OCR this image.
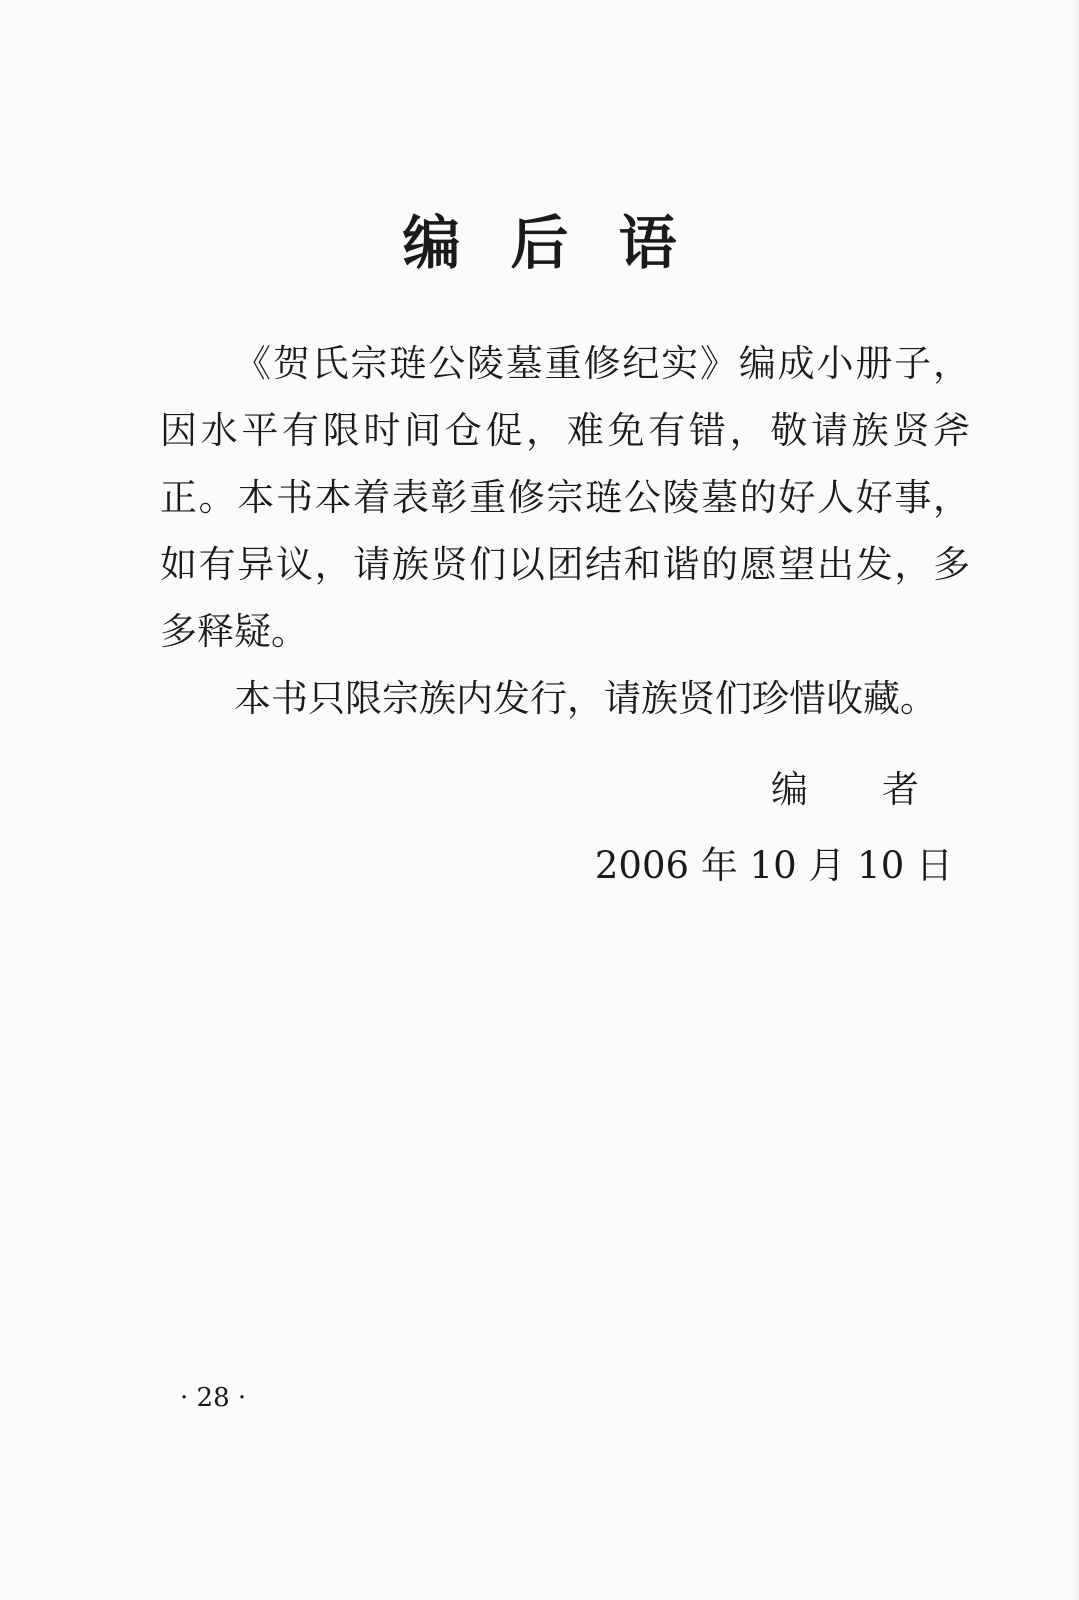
编后语

《贺氏宗琏公陵墓重修纪实》编成小册子，因水平有限时间仓促，难免有错，敬请族贤斧正。本书本着表彰重修宗琏公陵墓的好人好事，如有异议，请族贤们以团结和谐的愿望出发，多多释疑。

本书只限宗族内发行，请族贤们珍惜收藏。

编者
2006 年 10 月 10 日
· 28 ·
